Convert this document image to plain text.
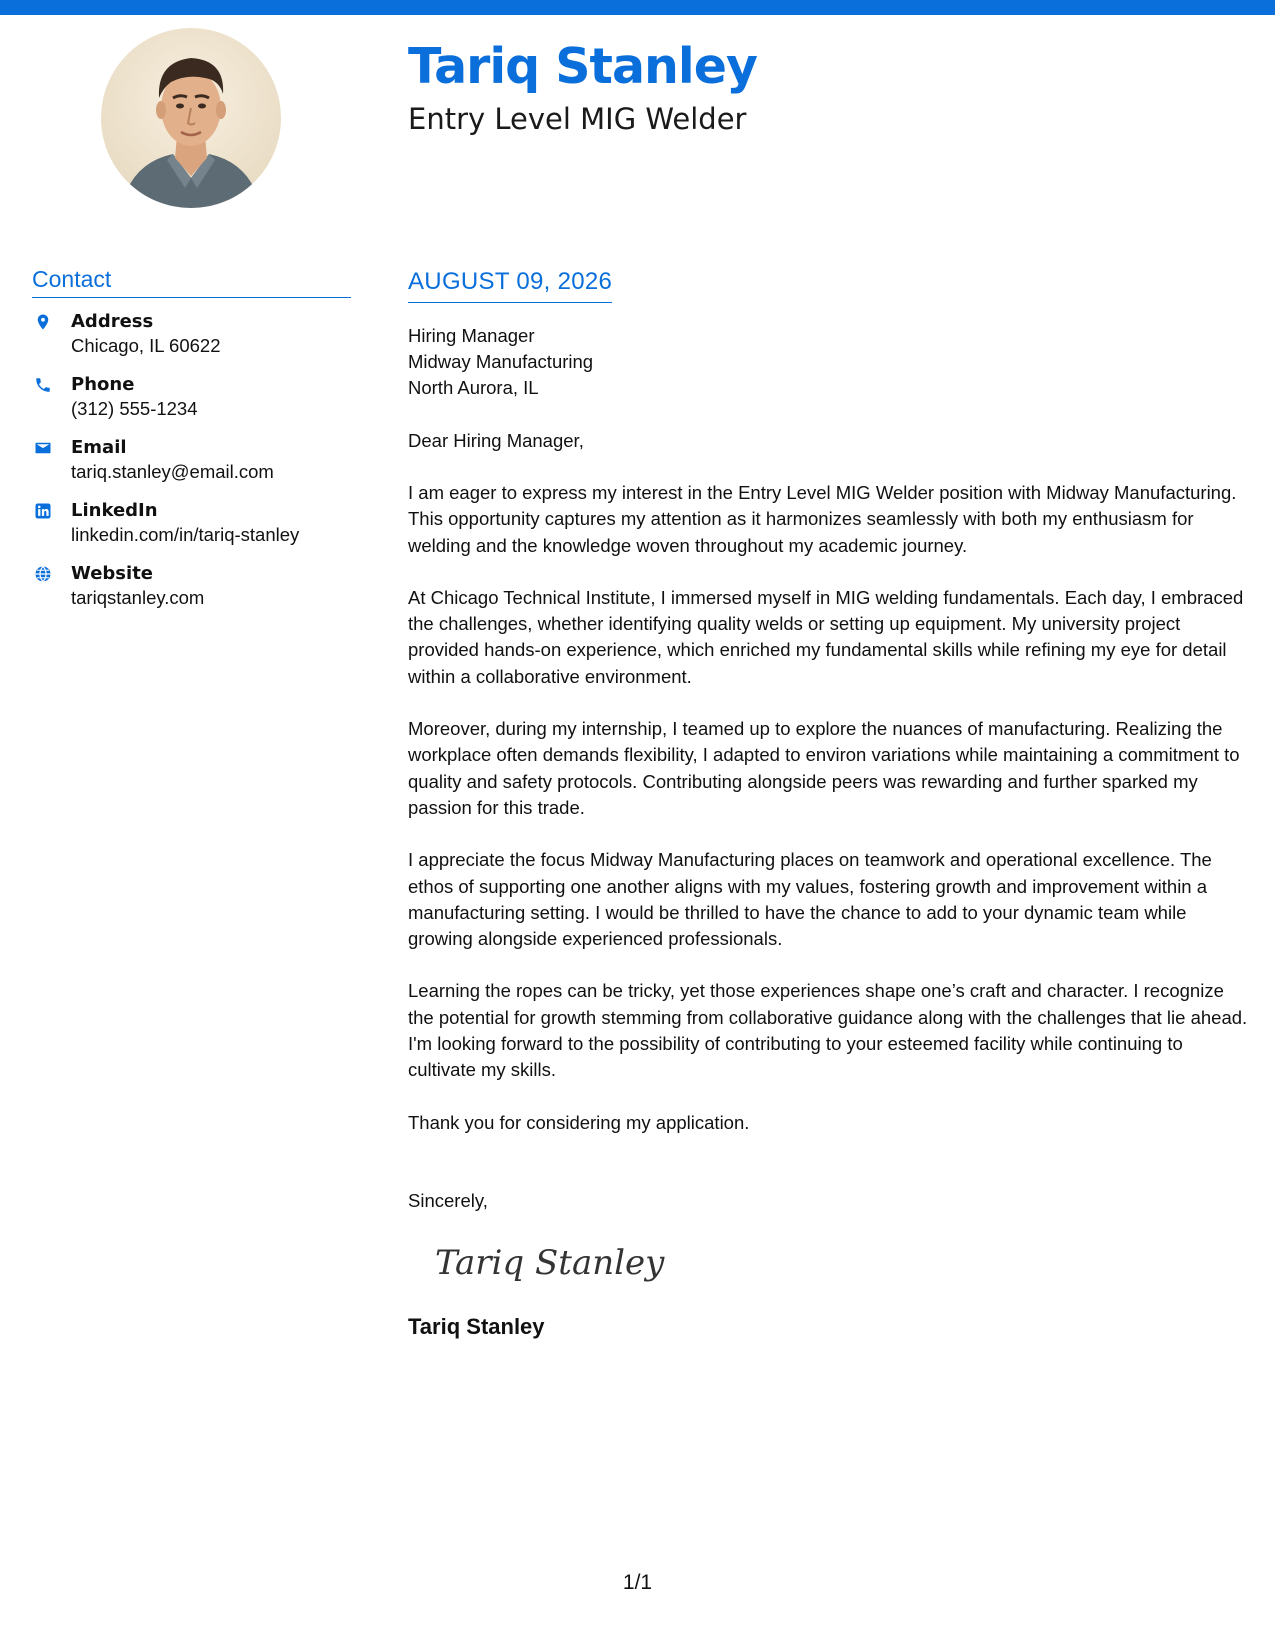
Tariq Stanley
Entry Level MIG Welder
Contact
Address
Chicago, IL 60622
Phone
(312) 555-1234
Email
tariq.stanley@email.com
LinkedIn
linkedin.com/in/tariq-stanley
Website
tariqstanley.com
AUGUST 09, 2026
Hiring Manager
Midway Manufacturing
North Aurora, IL
Dear Hiring Manager,
I am eager to express my interest in the Entry Level MIG Welder position with Midway Manufacturing. This opportunity captures my attention as it harmonizes seamlessly with both my enthusiasm for welding and the knowledge woven throughout my academic journey.
At Chicago Technical Institute, I immersed myself in MIG welding fundamentals. Each day, I embraced the challenges, whether identifying quality welds or setting up equipment. My university project provided hands-on experience, which enriched my fundamental skills while refining my eye for detail within a collaborative environment.
Moreover, during my internship, I teamed up to explore the nuances of manufacturing. Realizing the workplace often demands flexibility, I adapted to environ variations while maintaining a commitment to quality and safety protocols. Contributing alongside peers was rewarding and further sparked my passion for this trade.
I appreciate the focus Midway Manufacturing places on teamwork and operational excellence. The ethos of supporting one another aligns with my values, fostering growth and improvement within a manufacturing setting. I would be thrilled to have the chance to add to your dynamic team while growing alongside experienced professionals.
Learning the ropes can be tricky, yet those experiences shape one’s craft and character. I recognize the potential for growth stemming from collaborative guidance along with the challenges that lie ahead. I'm looking forward to the possibility of contributing to your esteemed facility while continuing to cultivate my skills.
Thank you for considering my application.
Sincerely,
Tariq Stanley
Tariq Stanley
1/1
